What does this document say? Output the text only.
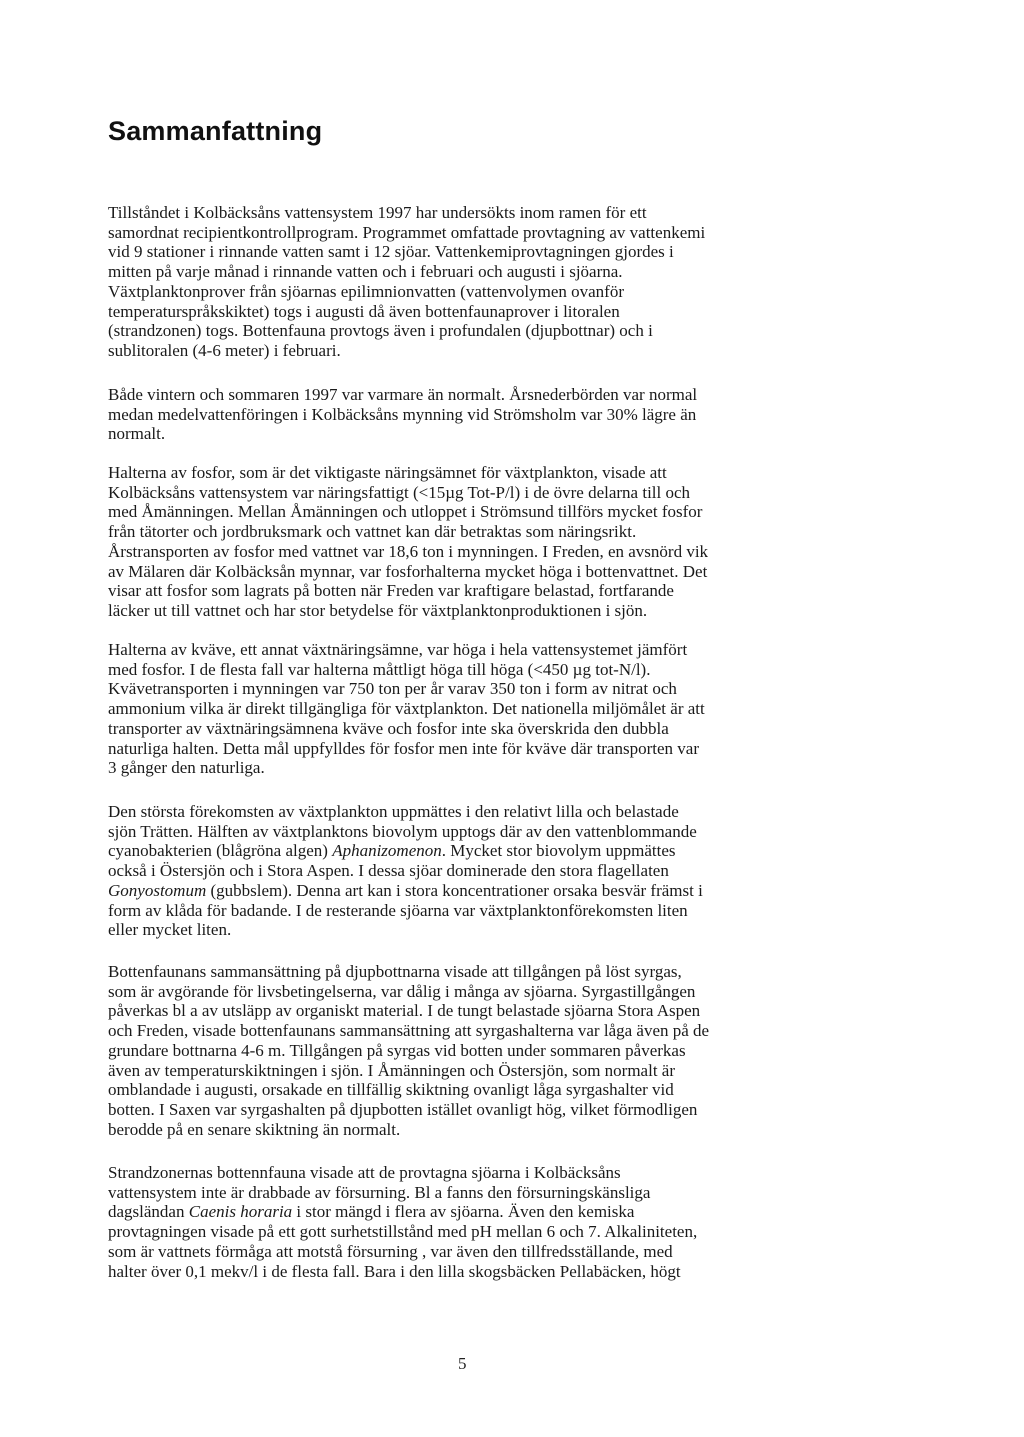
Sammanfattning
Tillståndet i Kolbäcksåns vattensystem 1997 har undersökts inom ramen för ett
samordnat recipientkontrollprogram. Programmet omfattade provtagning av vattenkemi
vid 9 stationer i rinnande vatten samt i 12 sjöar. Vattenkemiprovtagningen gjordes i
mitten på varje månad i rinnande vatten och i februari och augusti i sjöarna.
Växtplanktonprover från sjöarnas epilimnionvatten (vattenvolymen ovanför
temperaturspråkskiktet) togs i augusti då även bottenfaunaprover i litoralen
(strandzonen) togs. Bottenfauna provtogs även i profundalen (djupbottnar) och i
sublitoralen (4-6 meter) i februari.
Både vintern och sommaren 1997 var varmare än normalt. Årsnederbörden var normal
medan medelvattenföringen i Kolbäcksåns mynning vid Strömsholm var 30% lägre än
normalt.
Halterna av fosfor, som är det viktigaste näringsämnet för växtplankton, visade att
Kolbäcksåns vattensystem var näringsfattigt (<15µg Tot-P/l) i de övre delarna till och
med Åmänningen. Mellan Åmänningen och utloppet i Strömsund tillförs mycket fosfor
från tätorter och jordbruksmark och vattnet kan där betraktas som näringsrikt.
Årstransporten av fosfor med vattnet var 18,6 ton i mynningen. I Freden, en avsnörd vik
av Mälaren där Kolbäcksån mynnar, var fosforhalterna mycket höga i bottenvattnet. Det
visar att fosfor som lagrats på botten när Freden var kraftigare belastad, fortfarande
läcker ut till vattnet och har stor betydelse för växtplanktonproduktionen i sjön.
Halterna av kväve, ett annat växtnäringsämne, var höga i hela vattensystemet jämfört
med fosfor. I de flesta fall var halterna måttligt höga till höga (<450 µg tot-N/l).
Kvävetransporten i mynningen var 750 ton per år varav 350 ton i form av nitrat och
ammonium vilka är direkt tillgängliga för växtplankton. Det nationella miljömålet är att
transporter av växtnäringsämnena kväve och fosfor inte ska överskrida den dubbla
naturliga halten. Detta mål uppfylldes för fosfor men inte för kväve där transporten var
3 gånger den naturliga.
Den största förekomsten av växtplankton uppmättes i den relativt lilla och belastade
sjön Trätten. Hälften av växtplanktons biovolym upptogs där av den vattenblommande
cyanobakterien (blågröna algen) Aphanizomenon. Mycket stor biovolym uppmättes
också i Östersjön och i Stora Aspen. I dessa sjöar dominerade den stora flagellaten
Gonyostomum (gubbslem). Denna art kan i stora koncentrationer orsaka besvär främst i
form av klåda för badande. I de resterande sjöarna var växtplanktonförekomsten liten
eller mycket liten.
Bottenfaunans sammansättning på djupbottnarna visade att tillgången på löst syrgas,
som är avgörande för livsbetingelserna, var dålig i många av sjöarna. Syrgastillgången
påverkas bl a av utsläpp av organiskt material. I de tungt belastade sjöarna Stora Aspen
och Freden, visade bottenfaunans sammansättning att syrgashalterna var låga även på de
grundare bottnarna 4-6 m. Tillgången på syrgas vid botten under sommaren påverkas
även av temperaturskiktningen i sjön. I Åmänningen och Östersjön, som normalt är
omblandade i augusti, orsakade en tillfällig skiktning ovanligt låga syrgashalter vid
botten. I Saxen var syrgashalten på djupbotten istället ovanligt hög, vilket förmodligen
berodde på en senare skiktning än normalt.
Strandzonernas bottennfauna visade att de provtagna sjöarna i Kolbäcksåns
vattensystem inte är drabbade av försurning. Bl a fanns den försurningskänsliga
dagsländan Caenis horaria i stor mängd i flera av sjöarna. Även den kemiska
provtagningen visade på ett gott surhetstillstånd med pH mellan 6 och 7. Alkaliniteten,
som är vattnets förmåga att motstå försurning , var även den tillfredsställande, med
halter över 0,1 mekv/l i de flesta fall. Bara i den lilla skogsbäcken Pellabäcken, högt

5
